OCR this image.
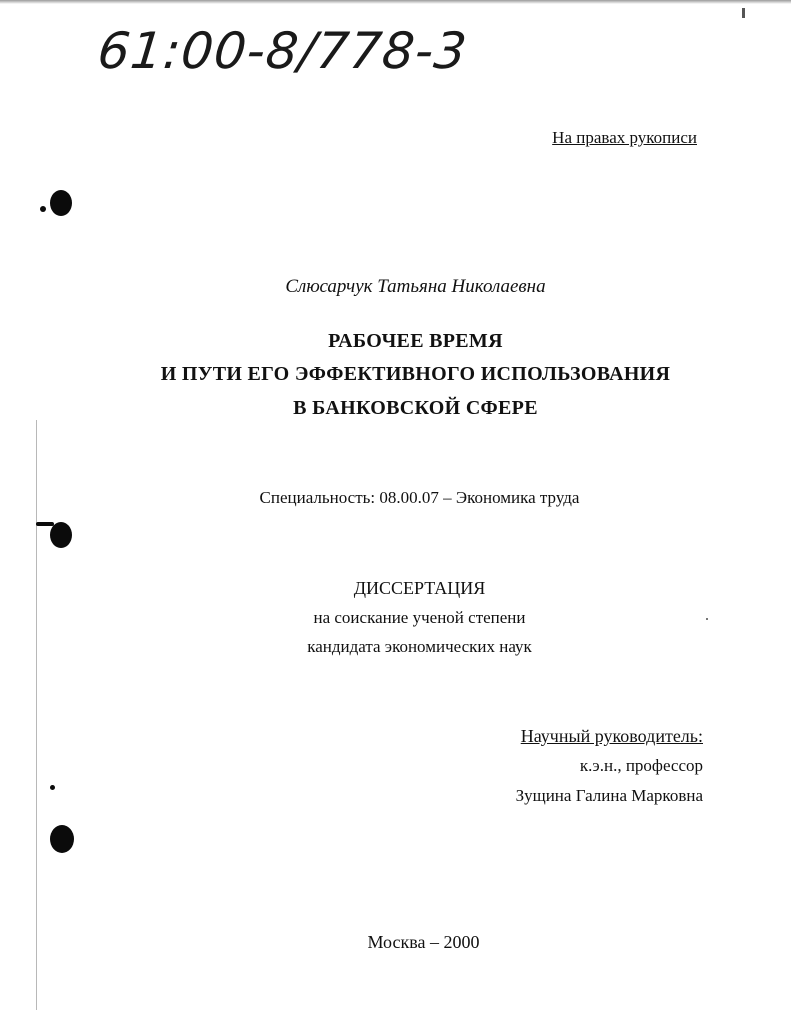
61:00-8/778-3
На правах рукописи
Слюсарчук Татьяна Николаевна
РАБОЧЕЕ ВРЕМЯ
И ПУТИ ЕГО ЭФФЕКТИВНОГО ИСПОЛЬЗОВАНИЯ
В БАНКОВСКОЙ СФЕРЕ
Специальность: 08.00.07 – Экономика труда
ДИССЕРТАЦИЯ
на соискание ученой степени
кандидата экономических наук
Научный руководитель:
к.э.н., профессор
Зущина Галина Марковна
Москва – 2000
